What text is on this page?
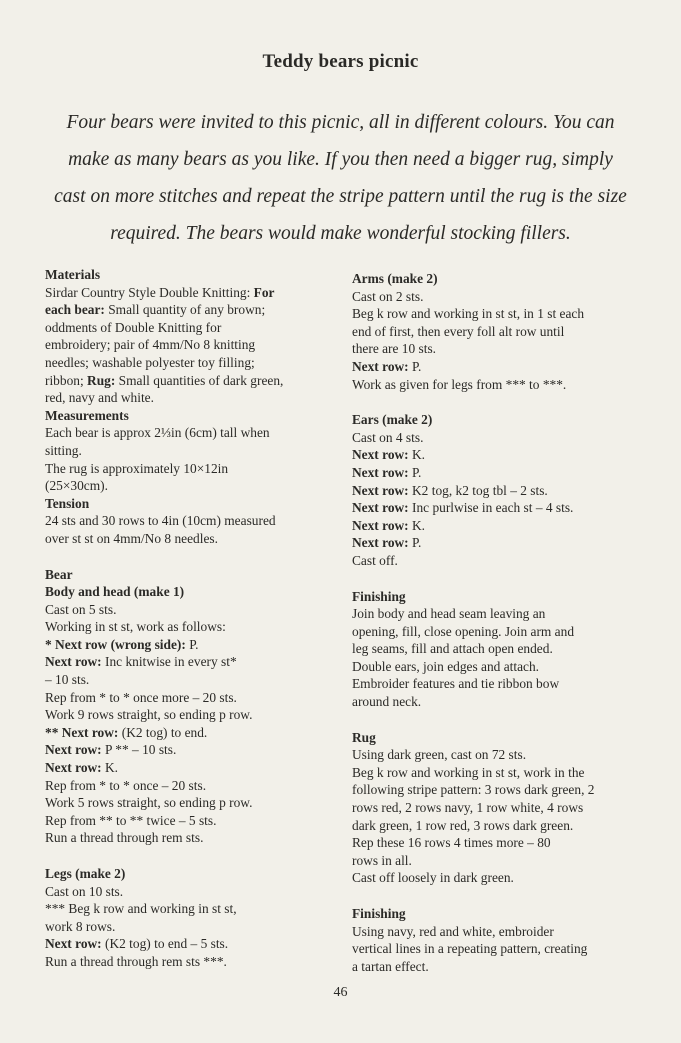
Teddy bears picnic

Four bears were invited to this picnic, all in different colours. You can

make as many bears as you like. If you then need a bigger rug, simply

cast on more stitches and repeat the stripe pattern until the rug is the size

required. The bears would make wonderful stocking fillers.

Materials
Sirdar Country Style Double Knitting: For
each bear: Small quantity of any brown;
oddments of Double Knitting for
embroidery; pair of 4mm/No 8 knitting
needles; washable polyester toy filling;
ribbon; Rug: Small quantities of dark green,
red, navy and white.
Measurements
Each bear is approx 2⅓in (6cm) tall when
sitting.
The rug is approximately 10×12in
(25×30cm).
Tension
24 sts and 30 rows to 4in (10cm) measured
over st st on 4mm/No 8 needles.
Bear
Body and head (make 1)
Cast on 5 sts.
Working in st st, work as follows:
* Next row (wrong side): P.
Next row: Inc knitwise in every st*
– 10 sts.
Rep from * to * once more – 20 sts.
Work 9 rows straight, so ending p row.
** Next row: (K2 tog) to end.
Next row: P ** – 10 sts.
Next row: K.
Rep from * to * once – 20 sts.
Work 5 rows straight, so ending p row.
Rep from ** to ** twice – 5 sts.
Run a thread through rem sts.
Legs (make 2)
Cast on 10 sts.
*** Beg k row and working in st st,
work 8 rows.
Next row: (K2 tog) to end – 5 sts.
Run a thread through rem sts ***.
Arms (make 2)
Cast on 2 sts.
Beg k row and working in st st, in 1 st each
end of first, then every foll alt row until
there are 10 sts.
Next row: P.
Work as given for legs from *** to ***.
Ears (make 2)
Cast on 4 sts.
Next row: K.
Next row: P.
Next row: K2 tog, k2 tog tbl – 2 sts.
Next row: Inc purlwise in each st – 4 sts.
Next row: K.
Next row: P.
Cast off.
Finishing
Join body and head seam leaving an
opening, fill, close opening. Join arm and
leg seams, fill and attach open ended.
Double ears, join edges and attach.
Embroider features and tie ribbon bow
around neck.
Rug
Using dark green, cast on 72 sts.
Beg k row and working in st st, work in the
following stripe pattern: 3 rows dark green, 2
rows red, 2 rows navy, 1 row white, 4 rows
dark green, 1 row red, 3 rows dark green.
Rep these 16 rows 4 times more – 80
rows in all.
Cast off loosely in dark green.
Finishing
Using navy, red and white, embroider
vertical lines in a repeating pattern, creating
a tartan effect.
46
